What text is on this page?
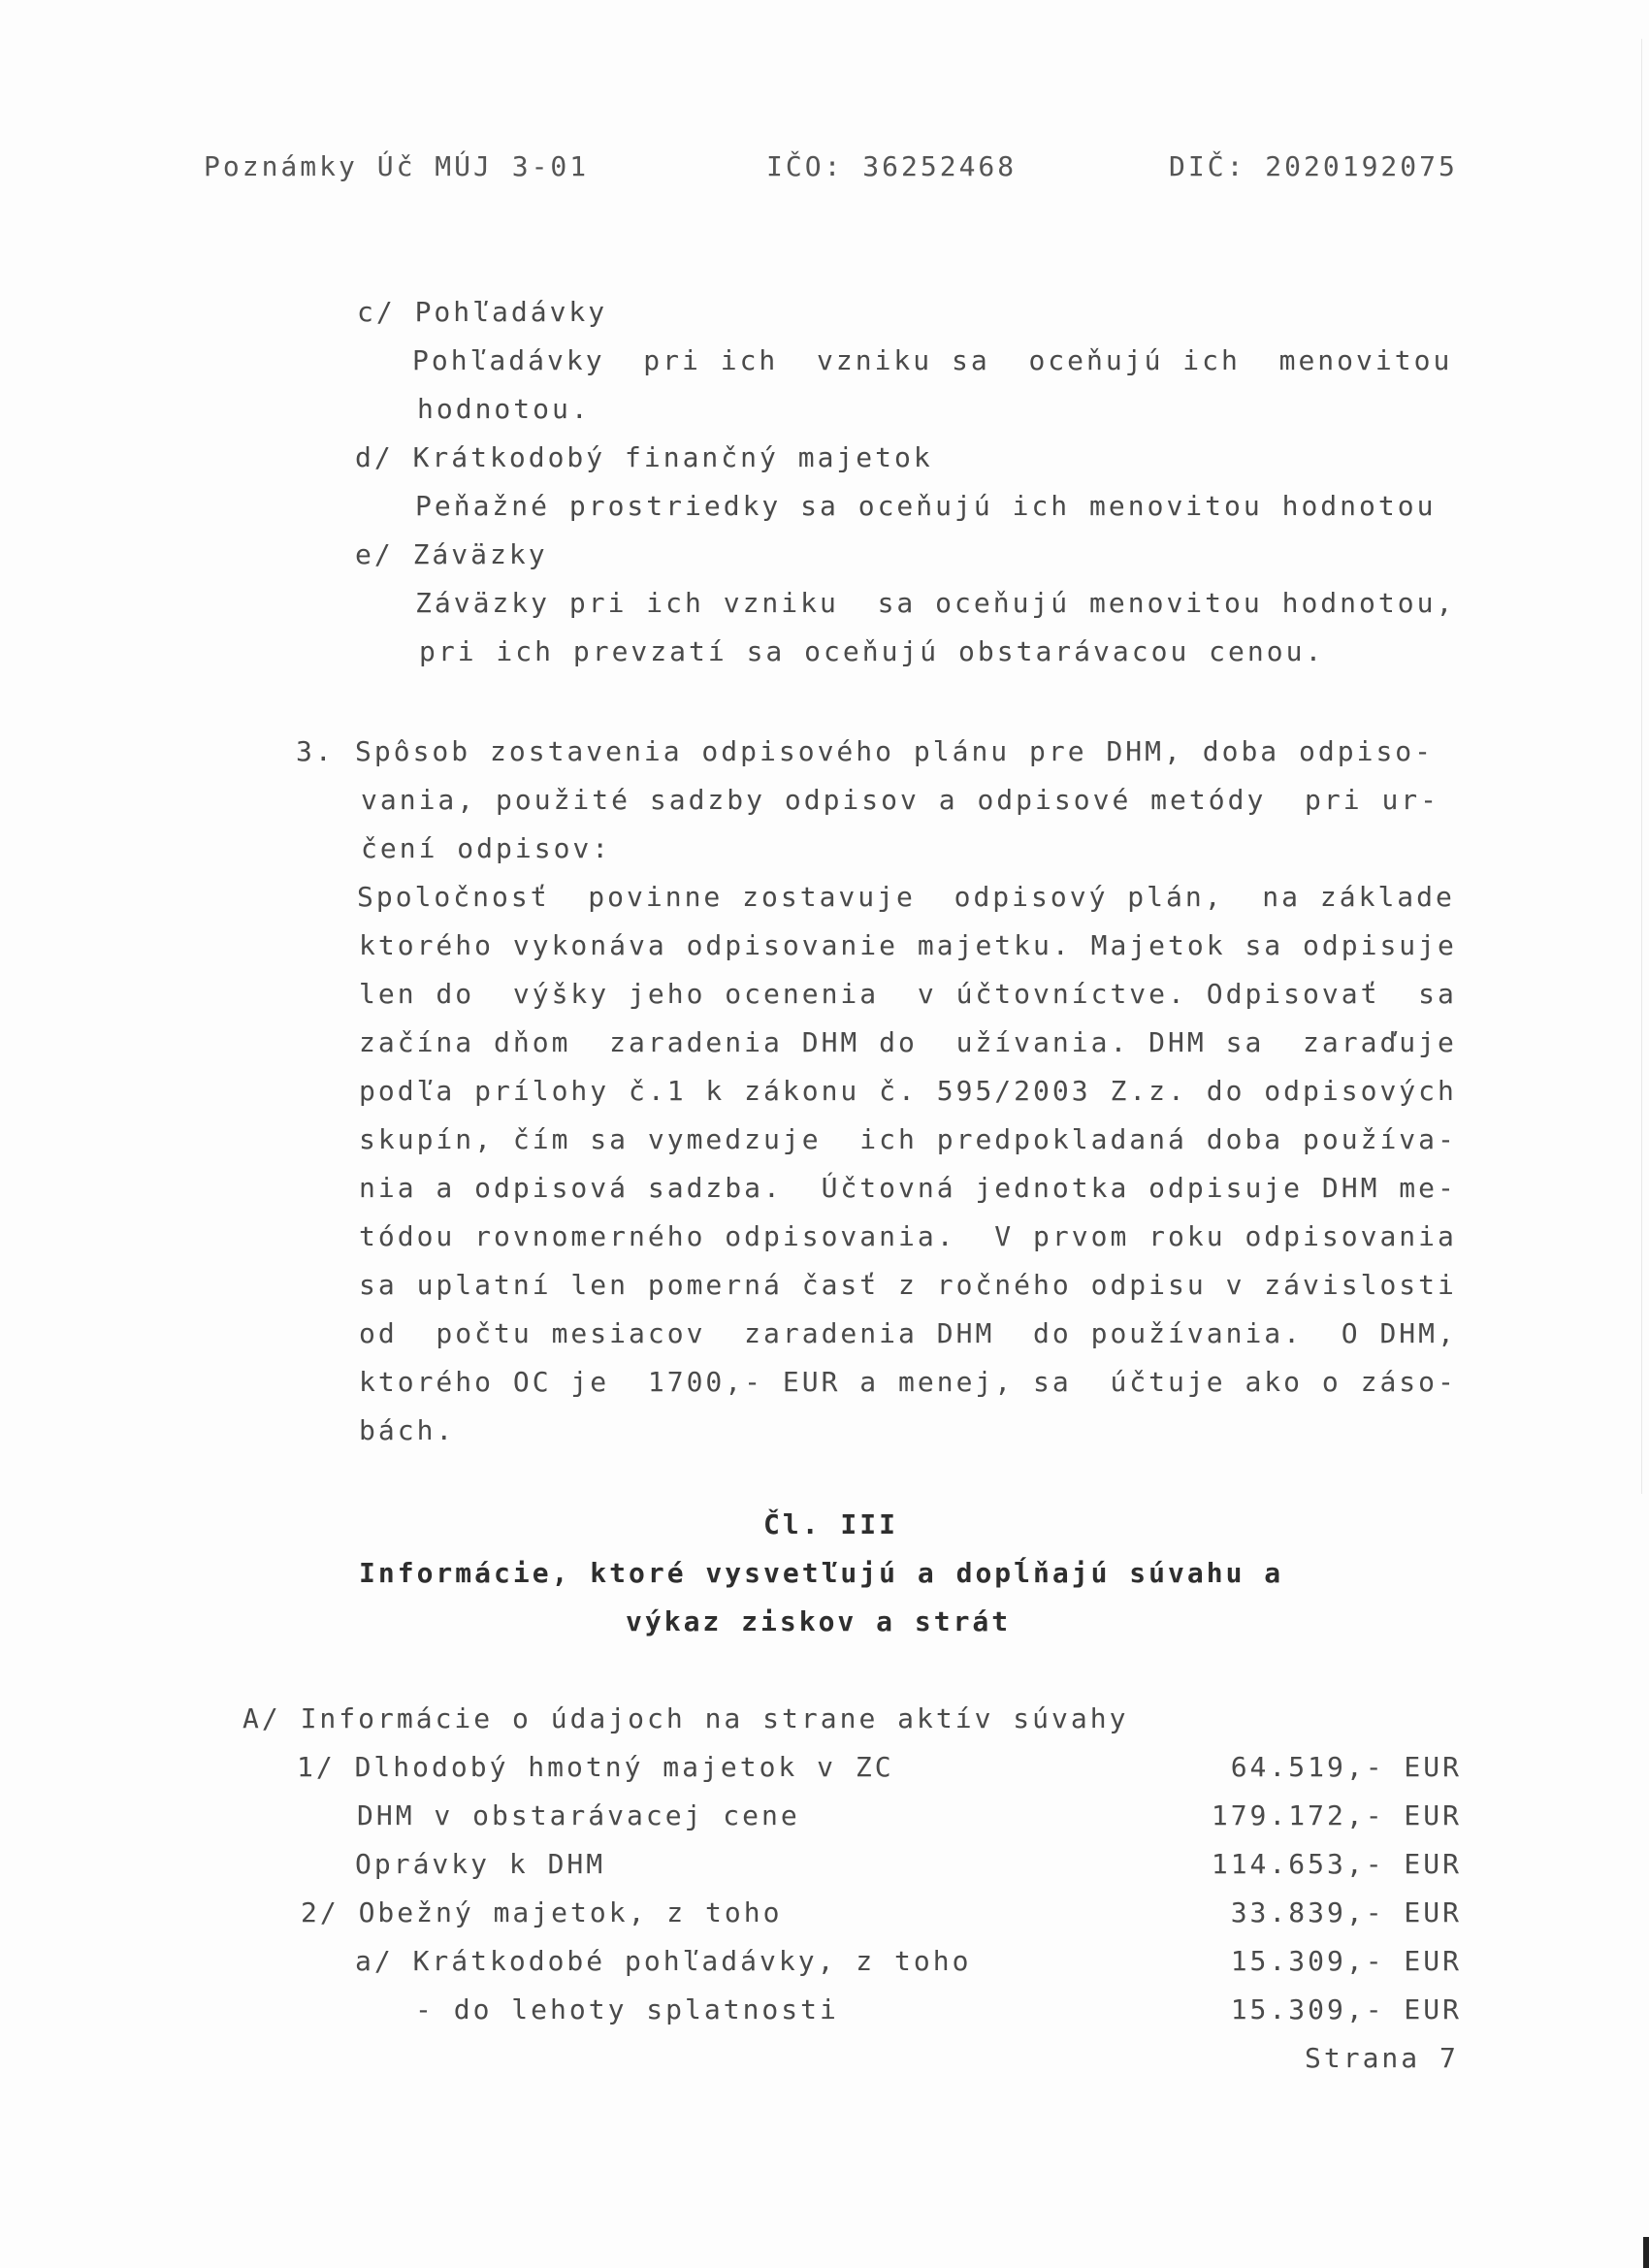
Poznámky Úč MÚJ 3-01	IČO: 36252468	DIČ: 2020192075
c/ Pohľadávky
Pohľadávky  pri ich  vzniku sa  oceňujú ich  menovitou
hodnotou.
d/ Krátkodobý finančný majetok
Peňažné prostriedky sa oceňujú ich menovitou hodnotou
e/ Záväzky
Záväzky pri ich vzniku  sa oceňujú menovitou hodnotou,
pri ich prevzatí sa oceňujú obstarávacou cenou.
3. Spôsob zostavenia odpisového plánu pre DHM, doba odpiso-
vania, použité sadzby odpisov a odpisové metódy  pri ur-
čení odpisov:
Spoločnosť  povinne zostavuje  odpisový plán,  na základe
ktorého vykonáva odpisovanie majetku. Majetok sa odpisuje
len do  výšky jeho ocenenia  v účtovníctve. Odpisovať  sa
začína dňom  zaradenia DHM do  užívania. DHM sa  zaraďuje
podľa prílohy č.1 k zákonu č. 595/2003 Z.z. do odpisových
skupín, čím sa vymedzuje  ich predpokladaná doba používa-
nia a odpisová sadzba.  Účtovná jednotka odpisuje DHM me-
tódou rovnomerného odpisovania.  V prvom roku odpisovania
sa uplatní len pomerná časť z ročného odpisu v závislosti
od  počtu mesiacov  zaradenia DHM  do používania.  O DHM,
ktorého OC je  1700,- EUR a menej, sa  účtuje ako o záso-
bách.
Čl. III
Informácie, ktoré vysvetľujú a dopĺňajú súvahu a
výkaz ziskov a strát
A/ Informácie o údajoch na strane aktív súvahy
1/ Dlhodobý hmotný majetok v ZC	64.519,- EUR
DHM v obstarávacej cene	179.172,- EUR
Oprávky k DHM	114.653,- EUR
2/ Obežný majetok, z toho	33.839,- EUR
a/ Krátkodobé pohľadávky, z toho	15.309,- EUR
- do lehoty splatnosti	15.309,- EUR
Strana 7
